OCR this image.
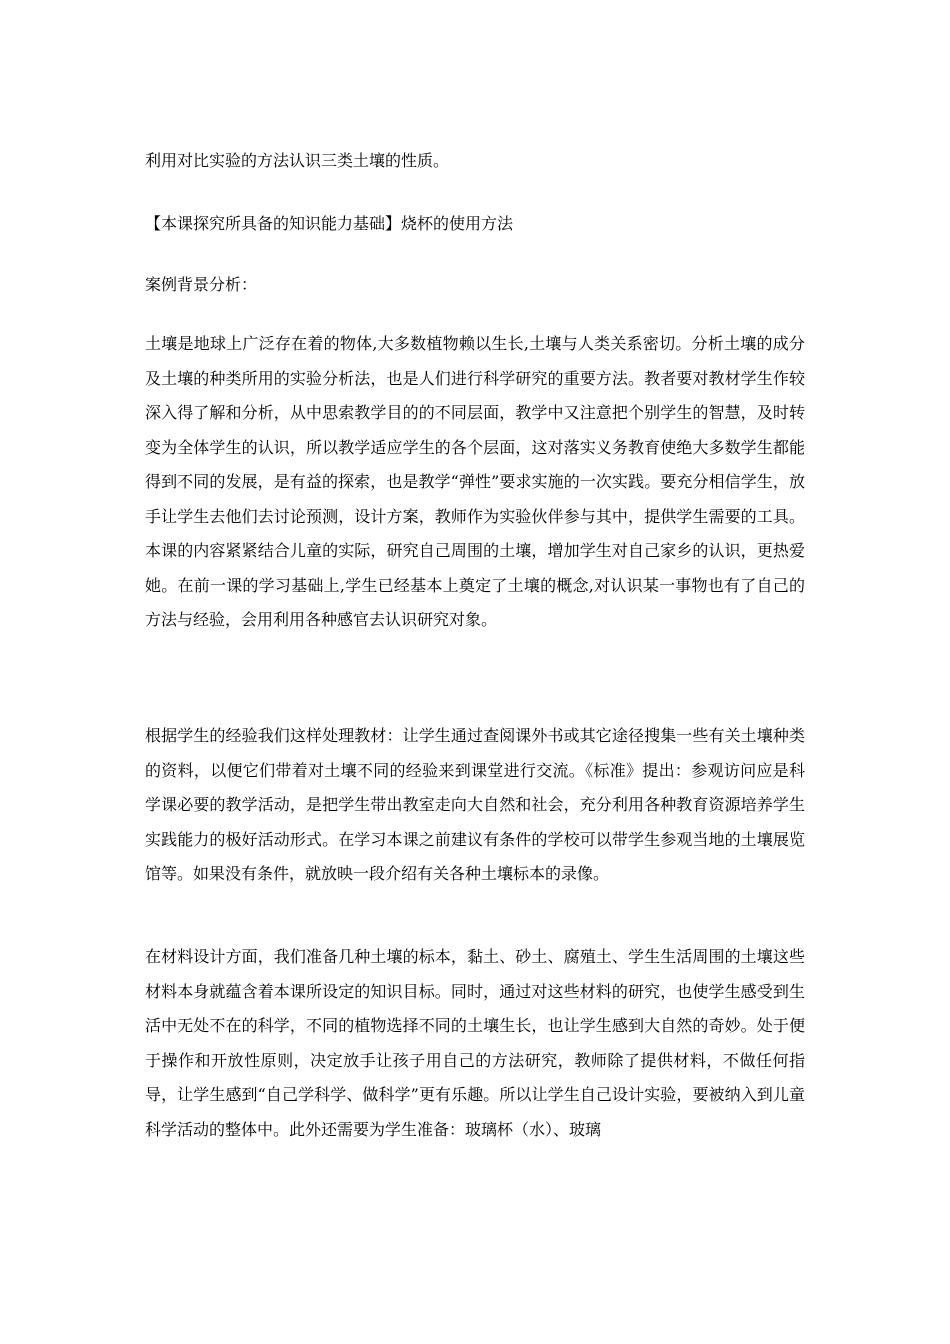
利用对比实验的方法认识三类土壤的性质。
【本课探究所具备的知识能力基础】烧杯的使用方法
案例背景分析：
土壤是地球上广泛存在着的物体,大多数植物赖以生长,土壤与人类关系密切。分析土壤的成分及土壤的种类所用的实验分析法，也是人们进行科学研究的重要方法。教者要对教材学生作较深入得了解和分析，从中思索教学目的的不同层面，教学中又注意把个别学生的智慧，及时转变为全体学生的认识，所以教学适应学生的各个层面，这对落实义务教育使绝大多数学生都能得到不同的发展，是有益的探索，也是教学“弹性”要求实施的一次实践。要充分相信学生，放手让学生去他们去讨论预测，设计方案，教师作为实验伙伴参与其中，提供学生需要的工具。本课的内容紧紧结合儿童的实际，研究自己周围的土壤，增加学生对自己家乡的认识，更热爱她。在前一课的学习基础上,学生已经基本上奠定了土壤的概念,对认识某一事物也有了自己的方法与经验，会用利用各种感官去认识研究对象。
根据学生的经验我们这样处理教材：让学生通过查阅课外书或其它途径搜集一些有关土壤种类的资料，以便它们带着对土壤不同的经验来到课堂进行交流。《标准》提出：参观访问应是科学课必要的教学活动，是把学生带出教室走向大自然和社会，充分利用各种教育资源培养学生实践能力的极好活动形式。在学习本课之前建议有条件的学校可以带学生参观当地的土壤展览馆等。如果没有条件，就放映一段介绍有关各种土壤标本的录像。
在材料设计方面，我们准备几种土壤的标本，黏土、砂土、腐殖土、学生生活周围的土壤这些材料本身就蕴含着本课所设定的知识目标。同时，通过对这些材料的研究，也使学生感受到生活中无处不在的科学，不同的植物选择不同的土壤生长，也让学生感到大自然的奇妙。处于便于操作和开放性原则，决定放手让孩子用自己的方法研究，教师除了提供材料，不做任何指导，让学生感到“自己学科学、做科学”更有乐趣。所以让学生自己设计实验，要被纳入到儿童科学活动的整体中。此外还需要为学生准备：玻璃杯（水）、玻璃
